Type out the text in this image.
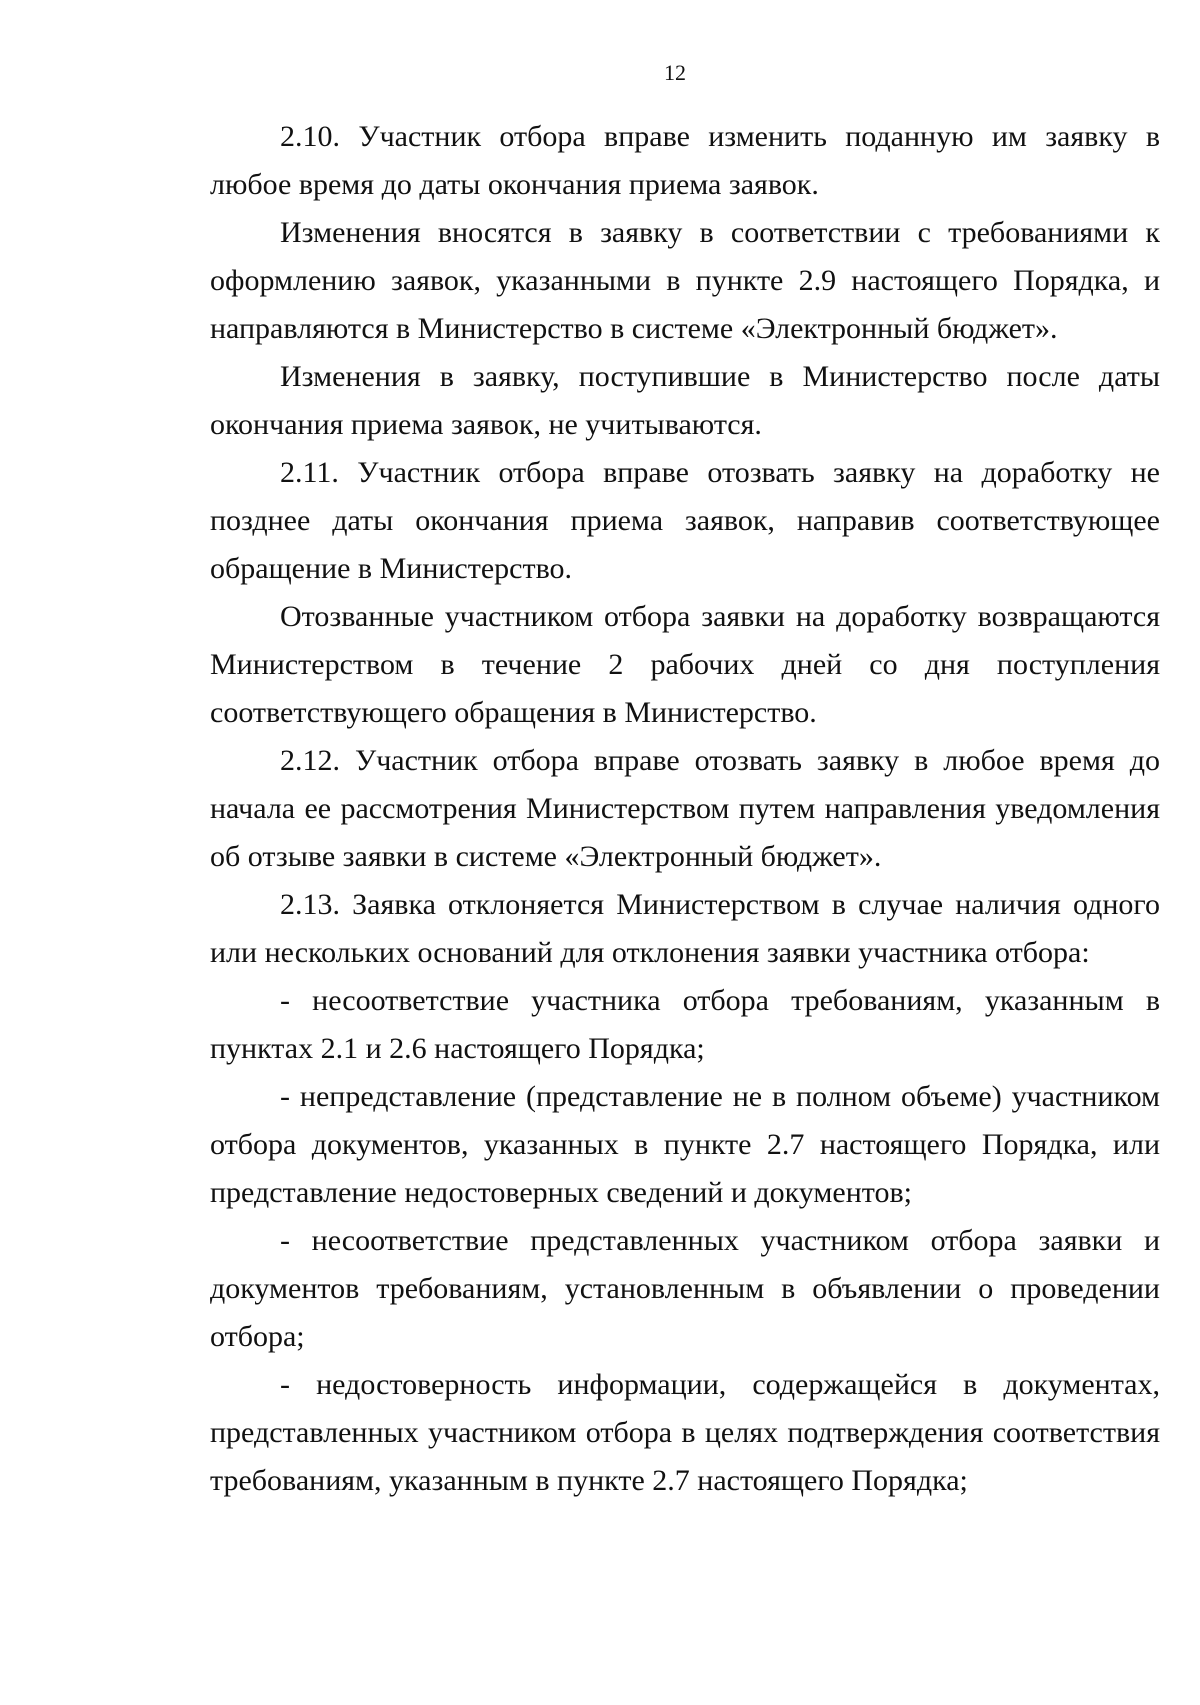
12

2.10. Участник отбора вправе изменить поданную им заявку в любое время до даты окончания приема заявок.

Изменения вносятся в заявку в соответствии с требованиями к оформлению заявок, указанными в пункте 2.9 настоящего Порядка, и направляются в Министерство в системе «Электронный бюджет».

Изменения в заявку, поступившие в Министерство после даты окончания приема заявок, не учитываются.

2.11. Участник отбора вправе отозвать заявку на доработку не позднее даты окончания приема заявок, направив соответствующее обращение в Министерство.

Отозванные участником отбора заявки на доработку возвращаются Министерством в течение 2 рабочих дней со дня поступления соответствующего обращения в Министерство.

2.12. Участник отбора вправе отозвать заявку в любое время до начала ее рассмотрения Министерством путем направления уведомления об отзыве заявки в системе «Электронный бюджет».

2.13. Заявка отклоняется Министерством в случае наличия одного или нескольких оснований для отклонения заявки участника отбора:

- несоответствие участника отбора требованиям, указанным в пунктах 2.1 и 2.6 настоящего Порядка;

- непредставление (представление не в полном объеме) участником отбора документов, указанных в пункте 2.7 настоящего Порядка, или представление недостоверных сведений и документов;

- несоответствие представленных участником отбора заявки и документов требованиям, установленным в объявлении о проведении отбора;

- недостоверность информации, содержащейся в документах, представленных участником отбора в целях подтверждения соответствия требованиям, указанным в пункте 2.7 настоящего Порядка;
